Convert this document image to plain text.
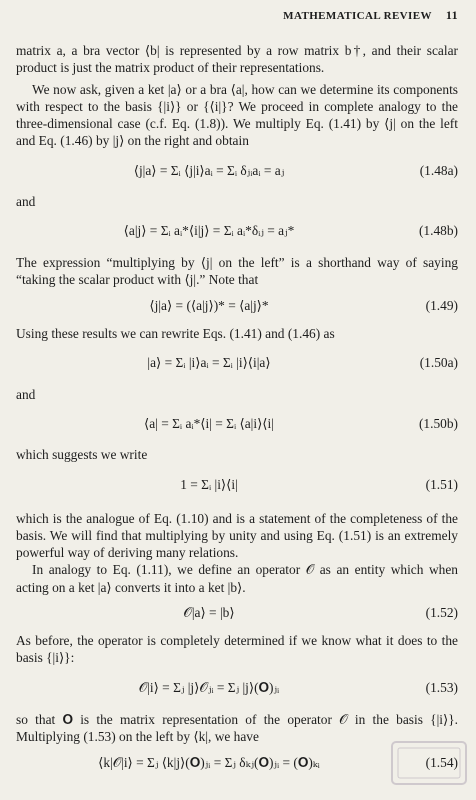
MATHEMATICAL REVIEW 11

matrix a, a bra vector ⟨b| is represented by a row matrix b†, and their scalar product is just the matrix product of their representations.

We now ask, given a ket |a⟩ or a bra ⟨a|, how can we determine its components with respect to the basis {|i⟩} or {⟨i|}? We proceed in complete analogy to the three-dimensional case (c.f. Eq. (1.8)). We multiply Eq. (1.41) by ⟨j| on the left and Eq. (1.46) by |j⟩ on the right and obtain

⟨j|a⟩ = Σᵢ ⟨j|i⟩aᵢ = Σᵢ δⱼᵢaᵢ = aⱼ	(1.48a)

and

⟨a|j⟩ = Σᵢ aᵢ*⟨i|j⟩ = Σᵢ aᵢ*δᵢⱼ = aⱼ*	(1.48b)

The expression “multiplying by ⟨j| on the left” is a shorthand way of saying “taking the scalar product with ⟨j|.” Note that

⟨j|a⟩ = (⟨a|j⟩)* = ⟨a|j⟩*	(1.49)

Using these results we can rewrite Eqs. (1.41) and (1.46) as

|a⟩ = Σᵢ |i⟩aᵢ = Σᵢ |i⟩⟨i|a⟩	(1.50a)

and

⟨a| = Σᵢ aᵢ*⟨i| = Σᵢ ⟨a|i⟩⟨i|	(1.50b)

which suggests we write

1 = Σᵢ |i⟩⟨i|	(1.51)

which is the analogue of Eq. (1.10) and is a statement of the completeness of the basis. We will find that multiplying by unity and using Eq. (1.51) is an extremely powerful way of deriving many relations.

In analogy to Eq. (1.11), we define an operator 𝒪 as an entity which when acting on a ket |a⟩ converts it into a ket |b⟩.

𝒪|a⟩ = |b⟩	(1.52)

As before, the operator is completely determined if we know what it does to the basis {|i⟩}:

𝒪|i⟩ = Σⱼ |j⟩𝒪ⱼᵢ = Σⱼ |j⟩(𝐎)ⱼᵢ	(1.53)

so that 𝐎 is the matrix representation of the operator 𝒪 in the basis {|i⟩}. Multiplying (1.53) on the left by ⟨k|, we have

⟨k|𝒪|i⟩ = Σⱼ ⟨k|j⟩(𝐎)ⱼᵢ = Σⱼ δₖⱼ(𝐎)ⱼᵢ = (𝐎)ₖᵢ	(1.54)
